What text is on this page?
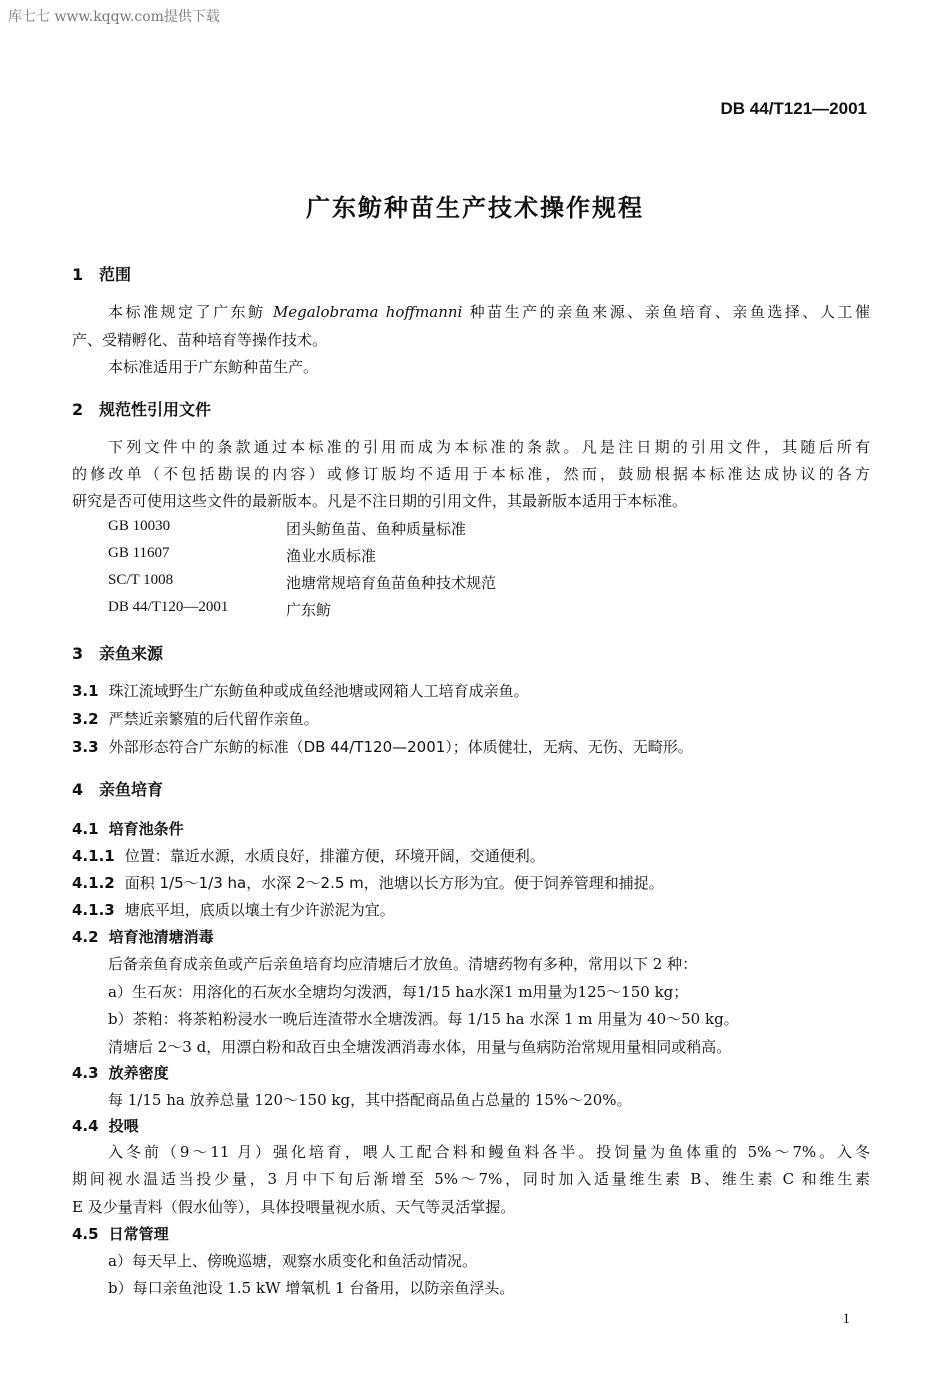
库七七 www.kqqw.com提供下载
DB 44/T121—2001
广东鲂种苗生产技术操作规程
1 范围
本标准规定了广东鲂 Megalobrama hoffmanni 种苗生产的亲鱼来源、亲鱼培育、亲鱼选择、人工催
产、受精孵化、苗种培育等操作技术。
本标准适用于广东鲂种苗生产。
2 规范性引用文件
下列文件中的条款通过本标准的引用而成为本标准的条款。凡是注日期的引用文件，其随后所有
的修改单（不包括勘误的内容）或修订版均不适用于本标准，然而，鼓励根据本标准达成协议的各方
研究是否可使用这些文件的最新版本。凡是不注日期的引用文件，其最新版本适用于本标准。
GB 10030	团头鲂鱼苗、鱼种质量标准
GB 11607	渔业水质标准
SC/T 1008	池塘常规培育鱼苗鱼种技术规范
DB 44/T120—2001	广东鲂
3 亲鱼来源
3.1 珠江流域野生广东鲂鱼种或成鱼经池塘或网箱人工培育成亲鱼。
3.2 严禁近亲繁殖的后代留作亲鱼。
3.3 外部形态符合广东鲂的标准（DB 44/T120—2001）；体质健壮，无病、无伤、无畸形。
4 亲鱼培育
4.1 培育池条件
4.1.1 位置：靠近水源，水质良好，排灌方便，环境开阔，交通便利。
4.1.2 面积 1/5～1/3 ha，水深 2～2.5 m，池塘以长方形为宜。便于饲养管理和捕捉。
4.1.3 塘底平坦，底质以壤土有少许淤泥为宜。
4.2 培育池清塘消毒
后备亲鱼育成亲鱼或产后亲鱼培育均应清塘后才放鱼。清塘药物有多种，常用以下 2 种：
a）生石灰：用溶化的石灰水全塘均匀泼洒，每1/15 ha水深1 m用量为125～150 kg；
b）茶粕：将茶粕粉浸水一晚后连渣带水全塘泼洒。每 1/15 ha 水深 1 m 用量为 40～50 kg。
清塘后 2～3 d，用漂白粉和敌百虫全塘泼洒消毒水体，用量与鱼病防治常规用量相同或稍高。
4.3 放养密度
每 1/15 ha 放养总量 120～150 kg，其中搭配商品鱼占总量的 15%～20%。
4.4 投喂
入冬前（9～11 月）强化培育，喂人工配合料和鳗鱼料各半。投饲量为鱼体重的 5%～7%。入冬
期间视水温适当投少量，3 月中下旬后渐增至 5%～7%，同时加入适量维生素 B、维生素 C 和维生素
E 及少量青料（假水仙等），具体投喂量视水质、天气等灵活掌握。
4.5 日常管理
a）每天早上、傍晚巡塘，观察水质变化和鱼活动情况。
b）每口亲鱼池设 1.5 kW 增氧机 1 台备用，以防亲鱼浮头。
1
